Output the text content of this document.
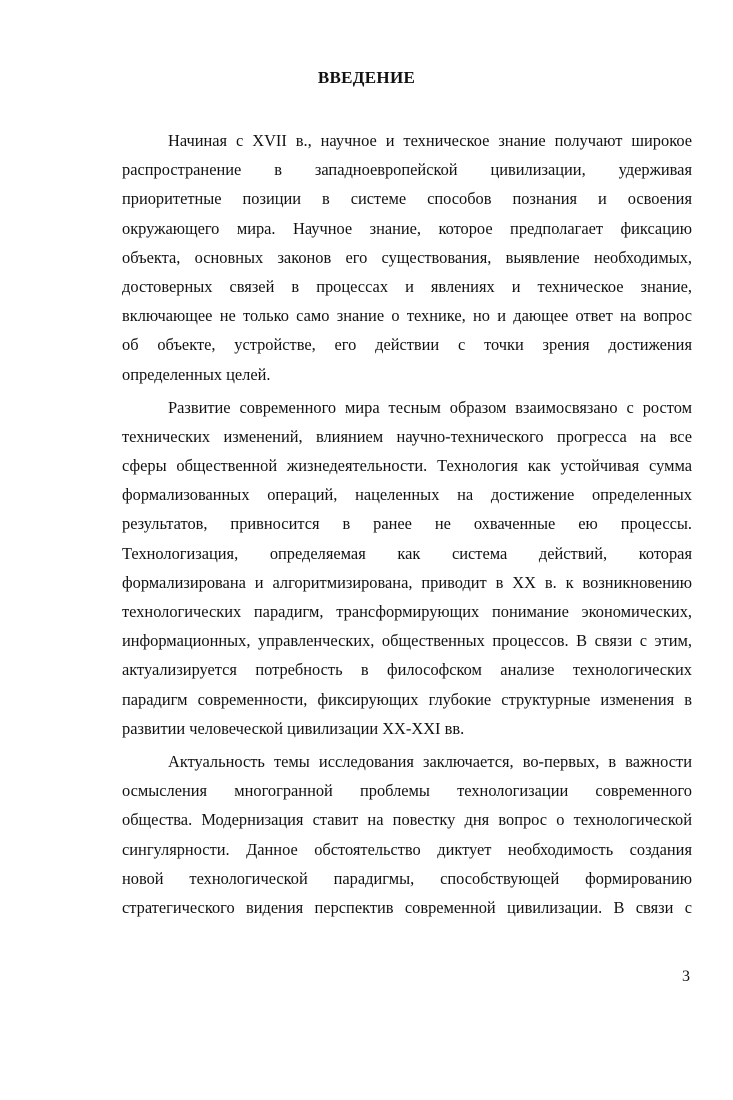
ВВЕДЕНИЕ

Начиная с XVII в., научное и техническое знание получают широкое
распространение в западноевропейской цивилизации, удерживая
приоритетные позиции в системе способов познания и освоения
окружающего мира. Научное знание, которое предполагает фиксацию
объекта, основных законов его существования, выявление необходимых,
достоверных связей в процессах и явлениях и техническое знание,
включающее не только само знание о технике, но и дающее ответ на вопрос
об объекте, устройстве, его действии с точки зрения достижения
определенных целей.

Развитие современного мира тесным образом взаимосвязано с ростом
технических изменений, влиянием научно-технического прогресса на все
сферы общественной жизнедеятельности. Технология как устойчивая сумма
формализованных операций, нацеленных на достижение определенных
результатов, привносится в ранее не охваченные ею процессы.
Технологизация, определяемая как система действий, которая
формализирована и алгоритмизирована, приводит в XX в. к возникновению
технологических парадигм, трансформирующих понимание экономических,
информационных, управленческих, общественных процессов. В связи с этим,
актуализируется потребность в философском анализе технологических
парадигм современности, фиксирующих глубокие структурные изменения в
развитии человеческой цивилизации XX-XXI вв.

Актуальность темы исследования заключается, во-первых, в важности
осмысления многогранной проблемы технологизации современного
общества. Модернизация ставит на повестку дня вопрос о технологической
сингулярности. Данное обстоятельство диктует необходимость создания
новой технологической парадигмы, способствующей формированию
стратегического видения перспектив современной цивилизации. В связи с

3
